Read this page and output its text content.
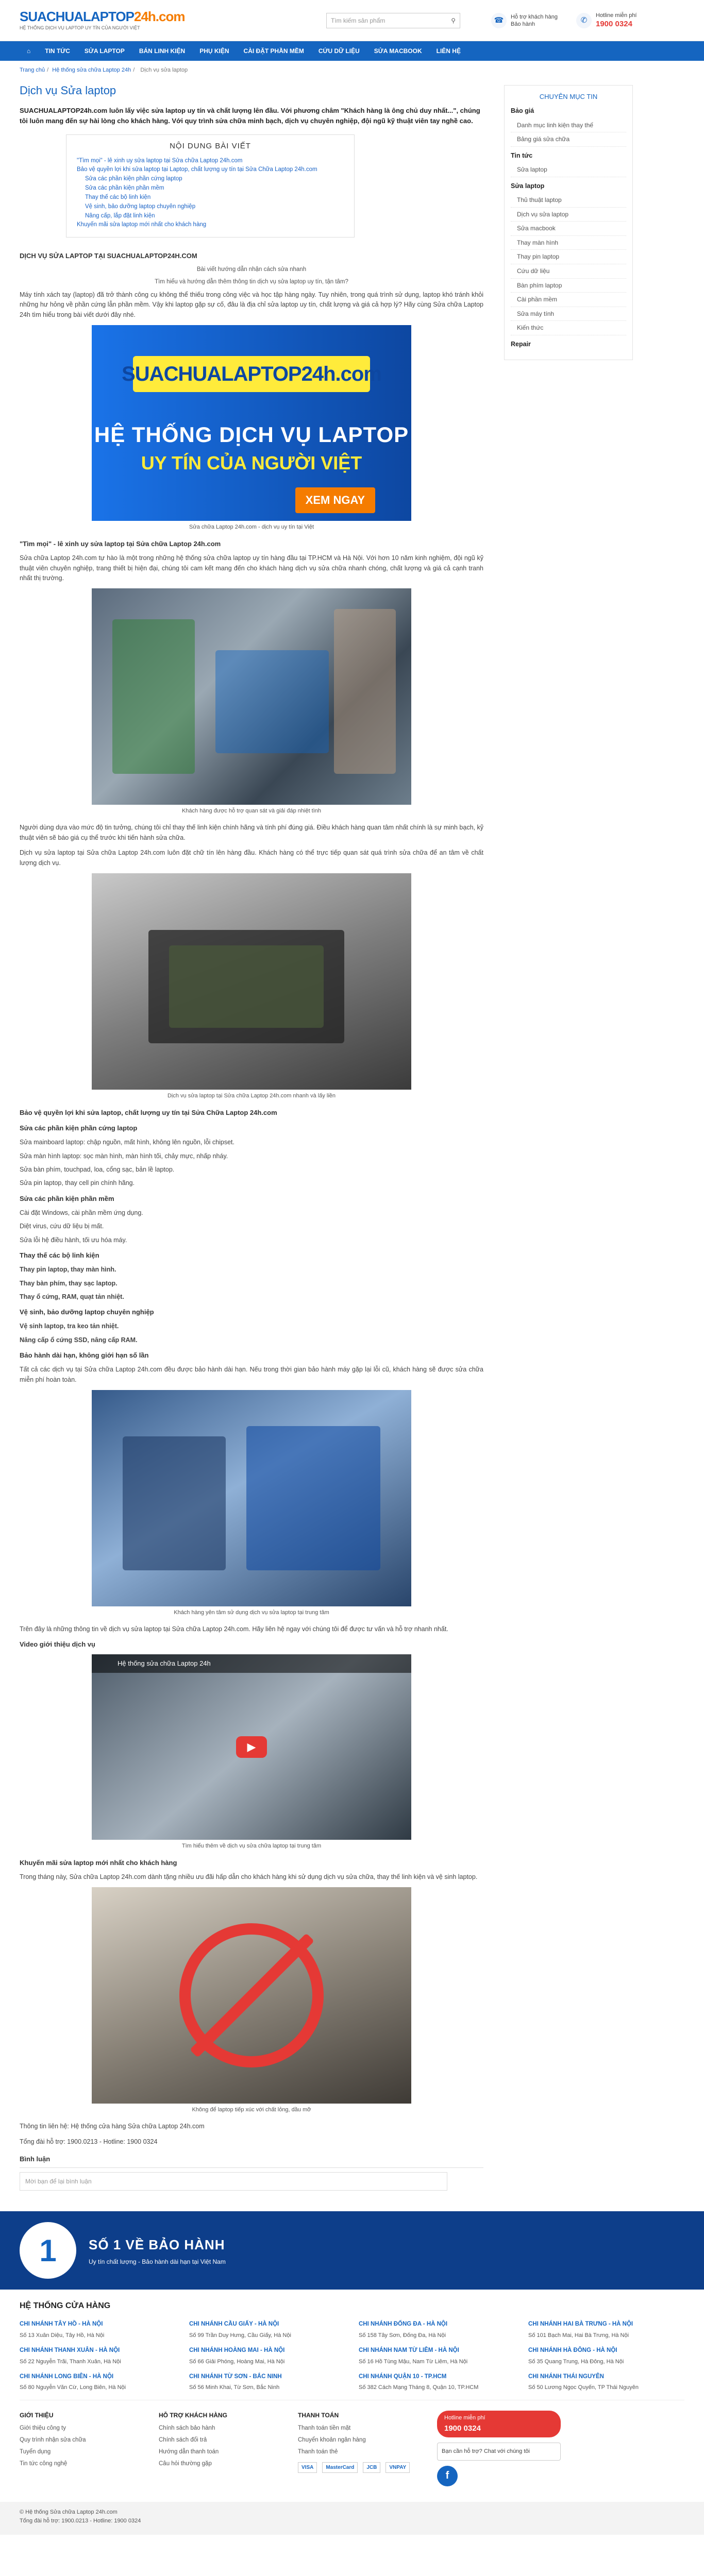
SUACHUALAPTOP24h.com
HỆ THỐNG DỊCH VỤ LAPTOP UY TÍN CỦA NGƯỜI VIỆT
Tìm kiếm sản phẩm	⚲	☎	Hỗ trợ khách hàng
Bảo hành	✆
Hotline miễn phí
1900 0324
⌂	TIN TỨC	SỬA LAPTOP	BÁN LINH KIỆN	PHỤ KIỆN	CÀI ĐẶT PHẦN MỀM	CỨU DỮ LIỆU	SỬA MACBOOK	LIÊN HỆ
Trang chủ / Hệ thống sửa chữa Laptop 24h / Dịch vụ sửa laptop
Dịch vụ Sửa laptop
SUACHUALAPTOP24h.com luôn lấy việc sửa laptop uy tín và chất lượng lên đầu. Với phương châm "Khách hàng là ông chủ duy nhất...", chúng tôi luôn mang đến sự hài lòng cho khách hàng. Với quy trình sửa chữa minh bạch, dịch vụ chuyên nghiệp, đội ngũ kỹ thuật viên tay nghề cao.
NỘI DUNG BÀI VIẾT
"Tìm mọi" - lê xinh uy sửa laptop tại Sửa chữa Laptop 24h.com
Bảo vệ quyền lợi khi sửa laptop tại Laptop, chất lượng uy tín tại Sửa Chữa Laptop 24h.com
Sửa các phần kiện phần cứng laptop
Sửa các phần kiện phần mềm
Thay thế các bộ linh kiện
Vệ sinh, bảo dưỡng laptop chuyên nghiệp
Nâng cấp, lắp đặt linh kiện
Khuyến mãi sửa laptop mới nhất cho khách hàng
DỊCH VỤ SỬA LAPTOP TẠI SUACHUALAPTOP24H.COM
Bài viết hướng dẫn nhận cách sửa nhanh
Tìm hiểu và hướng dẫn thêm thông tin dịch vụ sửa laptop uy tín, tận tâm?

Máy tính xách tay (laptop) đã trở thành công cụ không thể thiếu trong công việc và học tập hàng ngày. Tuy nhiên, trong quá trình sử dụng, laptop khó tránh khỏi những hư hỏng về phần cứng lẫn phần mềm. Vậy khi laptop gặp sự cố, đâu là địa chỉ sửa laptop uy tín, chất lượng và giá cả hợp lý? Hãy cùng Sửa chữa Laptop 24h tìm hiểu trong bài viết dưới đây nhé.

SUACHUALAPTOP24h.com
HỆ THỐNG DỊCH VỤ LAPTOP
UY TÍN CỦA NGƯỜI VIỆT
XEM NGAY
Sửa chữa Laptop 24h.com - dịch vụ uy tín tại Việt
"Tìm mọi" - lê xinh uy sửa laptop tại Sửa chữa Laptop 24h.com

Sửa chữa Laptop 24h.com tự hào là một trong những hệ thống sửa chữa laptop uy tín hàng đầu tại TP.HCM và Hà Nội. Với hơn 10 năm kinh nghiệm, đội ngũ kỹ thuật viên chuyên nghiệp, trang thiết bị hiện đại, chúng tôi cam kết mang đến cho khách hàng dịch vụ sửa chữa nhanh chóng, chất lượng và giá cả cạnh tranh nhất thị trường.

Khách hàng được hỗ trợ quan sát và giải đáp nhiệt tình

Người dùng dựa vào mức độ tin tưởng, chúng tôi chỉ thay thế linh kiện chính hãng và tính phí đúng giá. Điều khách hàng quan tâm nhất chính là sự minh bạch, kỹ thuật viên sẽ báo giá cụ thể trước khi tiến hành sửa chữa.

Dịch vụ sửa laptop tại Sửa chữa Laptop 24h.com luôn đặt chữ tín lên hàng đầu. Khách hàng có thể trực tiếp quan sát quá trình sửa chữa để an tâm về chất lượng dịch vụ.

Dịch vụ sửa laptop tại Sửa chữa Laptop 24h.com nhanh và lấy liền
Bảo vệ quyền lợi khi sửa laptop, chất lượng uy tín tại Sửa Chữa Laptop 24h.com
Sửa các phần kiện phần cứng laptop
Sửa mainboard laptop: chập nguồn, mất hình, không lên nguồn, lỗi chipset.
Sửa màn hình laptop: sọc màn hình, màn hình tối, chảy mực, nhấp nháy.
Sửa bàn phím, touchpad, loa, cổng sạc, bản lề laptop.
Sửa pin laptop, thay cell pin chính hãng.
Sửa các phần kiện phần mềm
Cài đặt Windows, cài phần mềm ứng dụng.
Diệt virus, cứu dữ liệu bị mất.
Sửa lỗi hệ điều hành, tối ưu hóa máy.
Thay thế các bộ linh kiện
Thay pin laptop, thay màn hình.
Thay bàn phím, thay sạc laptop.
Thay ổ cứng, RAM, quạt tản nhiệt.
Vệ sinh, bảo dưỡng laptop chuyên nghiệp
Vệ sinh laptop, tra keo tản nhiệt.
Nâng cấp ổ cứng SSD, nâng cấp RAM.
Bảo hành dài hạn, không giới hạn số lần

Tất cả các dịch vụ tại Sửa chữa Laptop 24h.com đều được bảo hành dài hạn. Nếu trong thời gian bảo hành máy gặp lại lỗi cũ, khách hàng sẽ được sửa chữa miễn phí hoàn toàn.

Khách hàng yên tâm sử dụng dịch vụ sửa laptop tại trung tâm

Trên đây là những thông tin về dịch vụ sửa laptop tại Sửa chữa Laptop 24h.com. Hãy liên hệ ngay với chúng tôi để được tư vấn và hỗ trợ nhanh nhất.

Video giới thiệu dịch vụ
Hệ thống sửa chữa Laptop 24h
▶
Tìm hiểu thêm về dịch vụ sửa chữa laptop tại trung tâm
Khuyến mãi sửa laptop mới nhất cho khách hàng

Trong tháng này, Sửa chữa Laptop 24h.com dành tặng nhiều ưu đãi hấp dẫn cho khách hàng khi sử dụng dịch vụ sửa chữa, thay thế linh kiện và vệ sinh laptop.

Không để laptop tiếp xúc với chất lỏng, dầu mỡ

Thông tin liên hệ: Hệ thống cửa hàng Sửa chữa Laptop 24h.com

Tổng đài hỗ trợ: 1900.0213 - Hotline: 1900 0324

Bình luận
Mời bạn để lại bình luận
CHUYÊN MỤC TIN
Bảo giá
Danh mục linh kiện thay thế
Bảng giá sửa chữa
Tin tức
Sửa laptop
Sửa laptop
Thủ thuật laptop
Dịch vụ sửa laptop
Sửa macbook
Thay màn hình
Thay pin laptop
Cứu dữ liệu
Bàn phím laptop
Cài phần mềm
Sửa máy tính
Kiến thức
Repair
1	SỐ 1 VỀ BẢO HÀNH
Uy tín chất lượng - Bảo hành dài hạn tại Việt Nam
HỆ THỐNG CỬA HÀNG
CHI NHÁNH TÂY HỒ - HÀ NỘI
Số 13 Xuân Diệu, Tây Hồ, Hà Nội
CHI NHÁNH CẦU GIẤY - HÀ NỘI
Số 99 Trần Duy Hưng, Cầu Giấy, Hà Nội
CHI NHÁNH ĐỐNG ĐA - HÀ NỘI
Số 158 Tây Sơn, Đống Đa, Hà Nội
CHI NHÁNH HAI BÀ TRƯNG - HÀ NỘI
Số 101 Bạch Mai, Hai Bà Trưng, Hà Nội
CHI NHÁNH THANH XUÂN - HÀ NỘI
Số 22 Nguyễn Trãi, Thanh Xuân, Hà Nội
CHI NHÁNH HOÀNG MAI - HÀ NỘI
Số 66 Giải Phóng, Hoàng Mai, Hà Nội
CHI NHÁNH NAM TỪ LIÊM - HÀ NỘI
Số 16 Hồ Tùng Mậu, Nam Từ Liêm, Hà Nội
CHI NHÁNH HÀ ĐÔNG - HÀ NỘI
Số 35 Quang Trung, Hà Đông, Hà Nội
CHI NHÁNH LONG BIÊN - HÀ NỘI
Số 80 Nguyễn Văn Cừ, Long Biên, Hà Nội
CHI NHÁNH TỪ SƠN - BẮC NINH
Số 56 Minh Khai, Từ Sơn, Bắc Ninh
CHI NHÁNH QUẬN 10 - TP.HCM
Số 382 Cách Mạng Tháng 8, Quận 10, TP.HCM
CHI NHÁNH THÁI NGUYÊN
Số 50 Lương Ngọc Quyến, TP Thái Nguyên
GIỚI THIỆU
Giới thiệu công ty
Quy trình nhận sửa chữa
Tuyển dụng
Tin tức công nghệ
HỖ TRỢ KHÁCH HÀNG
Chính sách bảo hành
Chính sách đổi trả
Hướng dẫn thanh toán
Câu hỏi thường gặp
THANH TOÁN
Thanh toán tiền mặt
Chuyển khoản ngân hàng
Thanh toán thẻ
VISA	MasterCard	JCB	VNPAY
Hotline miễn phí
1900 0324
Bạn cần hỗ trợ? Chat với chúng tôi
f
© Hệ thống Sửa chữa Laptop 24h.com
Tổng đài hỗ trợ: 1900.0213 - Hotline: 1900 0324
